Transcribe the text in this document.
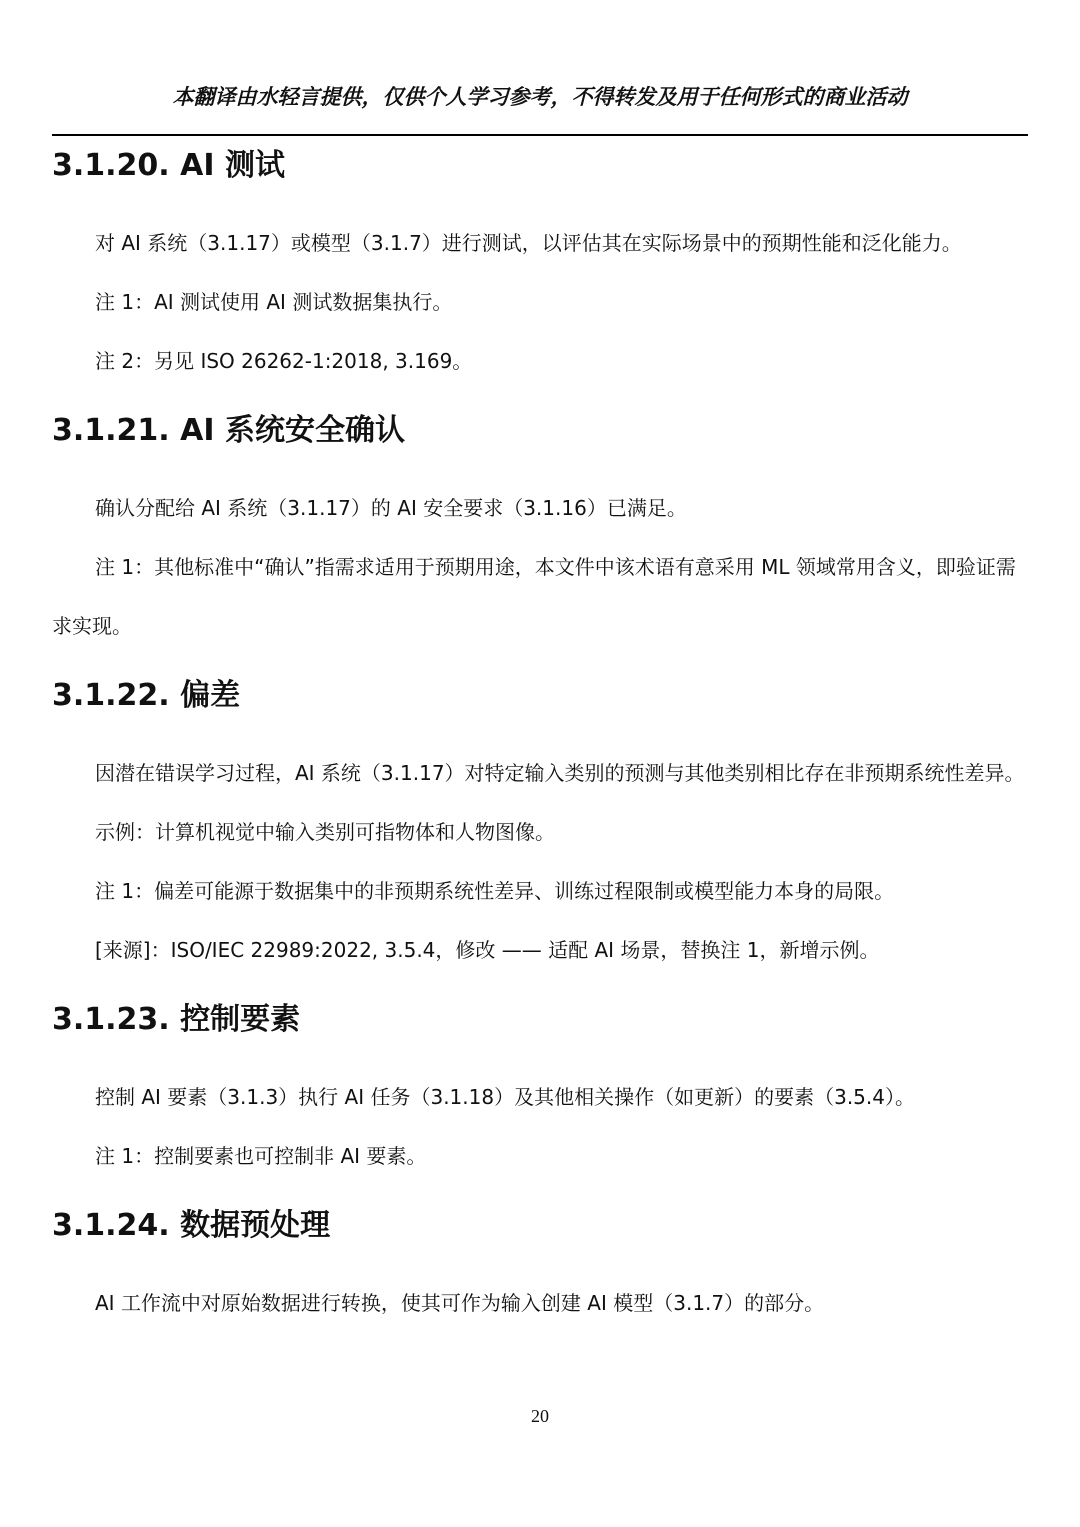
本翻译由水轻言提供，仅供个人学习参考，不得转发及用于任何形式的商业活动
3.1.20. AI 测试

对 AI 系统（3.1.17）或模型（3.1.7）进行测试，以评估其在实际场景中的预期性能和泛化能力。

注 1：AI 测试使用 AI 测试数据集执行。

注 2：另见 ISO 26262-1:2018, 3.169。

3.1.21. AI 系统安全确认

确认分配给 AI 系统（3.1.17）的 AI 安全要求（3.1.16）已满足。

注 1：其他标准中“确认”指需求适用于预期用途，本文件中该术语有意采用 ML 领域常用含义，即验证需求实现。

3.1.22. 偏差

因潜在错误学习过程，AI 系统（3.1.17）对特定输入类别的预测与其他类别相比存在非预期系统性差异。

示例：计算机视觉中输入类别可指物体和人物图像。

注 1：偏差可能源于数据集中的非预期系统性差异、训练过程限制或模型能力本身的局限。

[来源]：ISO/IEC 22989:2022, 3.5.4，修改 —— 适配 AI 场景，替换注 1，新增示例。

3.1.23. 控制要素

控制 AI 要素（3.1.3）执行 AI 任务（3.1.18）及其他相关操作（如更新）的要素（3.5.4）。

注 1：控制要素也可控制非 AI 要素。

3.1.24. 数据预处理

AI 工作流中对原始数据进行转换，使其可作为输入创建 AI 模型（3.1.7）的部分。

20
